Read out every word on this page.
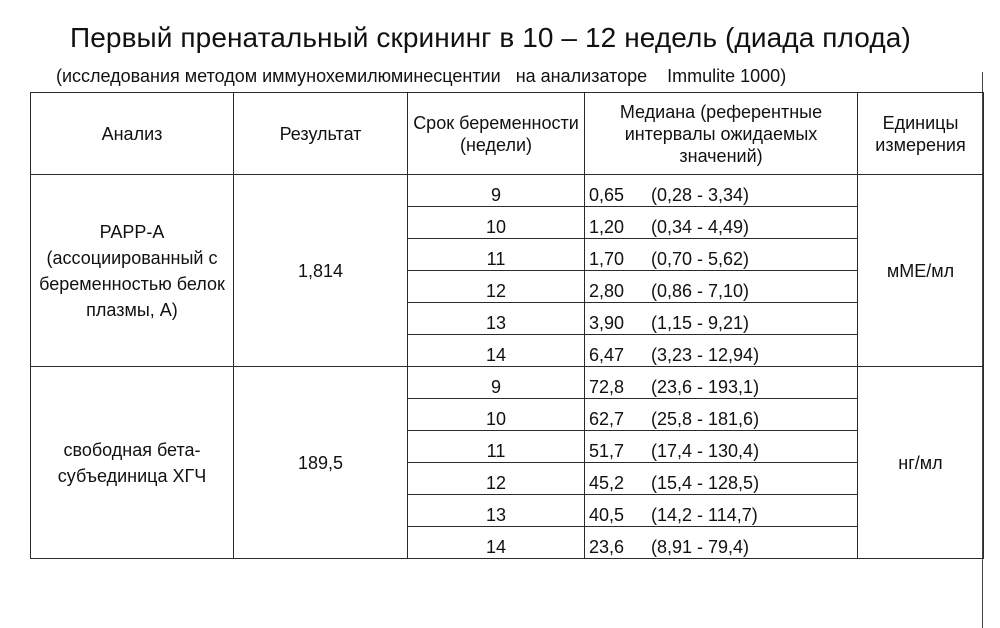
Первый пренатальный скрининг в 10 – 12 недель (диада плода)
(исследования методом иммунохемилюминесцентии   на анализаторе    Immulite 1000)
Анализ	Результат	Срок беременности (недели)	Медиана (референтные интервалы ожидаемых значений)	Единицы измерения
PAPP-A (ассоциированный с беременностью белок плазмы, А)	1,814	9	0,65 (0,28 - 3,34)	мМЕ/мл
		10	1,20 (0,34 - 4,49)	
		11	1,70 (0,70 - 5,62)	
		12	2,80 (0,86 - 7,10)	
		13	3,90 (1,15 - 9,21)	
		14	6,47 (3,23 - 12,94)	
свободная бета-субъединица ХГЧ	189,5	9	72,8 (23,6 - 193,1)	нг/мл
		10	62,7 (25,8 - 181,6)	
		11	51,7 (17,4 - 130,4)	
		12	45,2 (15,4 - 128,5)	
		13	40,5 (14,2 - 114,7)	
		14	23,6 (8,91 - 79,4)	
